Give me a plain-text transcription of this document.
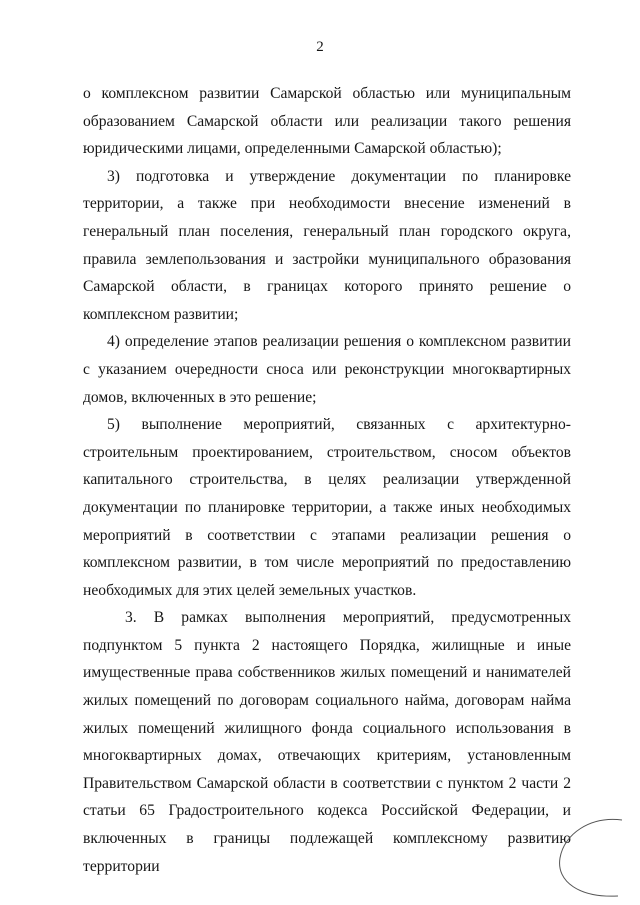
2

о комплексном развитии Самарской областью или муниципальным образованием Самарской области или реализации такого решения юридическими лицами, определенными Самарской областью);

3) подготовка и утверждение документации по планировке территории, а также при необходимости внесение изменений в генеральный план поселения, генеральный план городского округа, правила землепользования и застройки муниципального образования Самарской области, в границах которого принято решение о комплексном развитии;

4) определение этапов реализации решения о комплексном развитии с указанием очередности сноса или реконструкции многоквартирных домов, включенных в это решение;

5) выполнение мероприятий, связанных с архитектурно-строительным проектированием, строительством, сносом объектов капитального строительства, в целях реализации утвержденной документации по планировке территории, а также иных необходимых мероприятий в соответствии с этапами реализации решения о комплексном развитии, в том числе мероприятий по предоставлению необходимых для этих целей земельных участков.

3. В рамках выполнения мероприятий, предусмотренных подпунктом 5 пункта 2 настоящего Порядка, жилищные и иные имущественные права собственников жилых помещений и нанимателей жилых помещений по договорам социального найма, договорам найма жилых помещений жилищного фонда социального использования в многоквартирных домах, отвечающих критериям, установленным Правительством Самарской области в соответствии с пунктом 2 части 2 статьи 65 Градостроительного кодекса Российской Федерации, и включенных в границы подлежащей комплексному развитию территории
